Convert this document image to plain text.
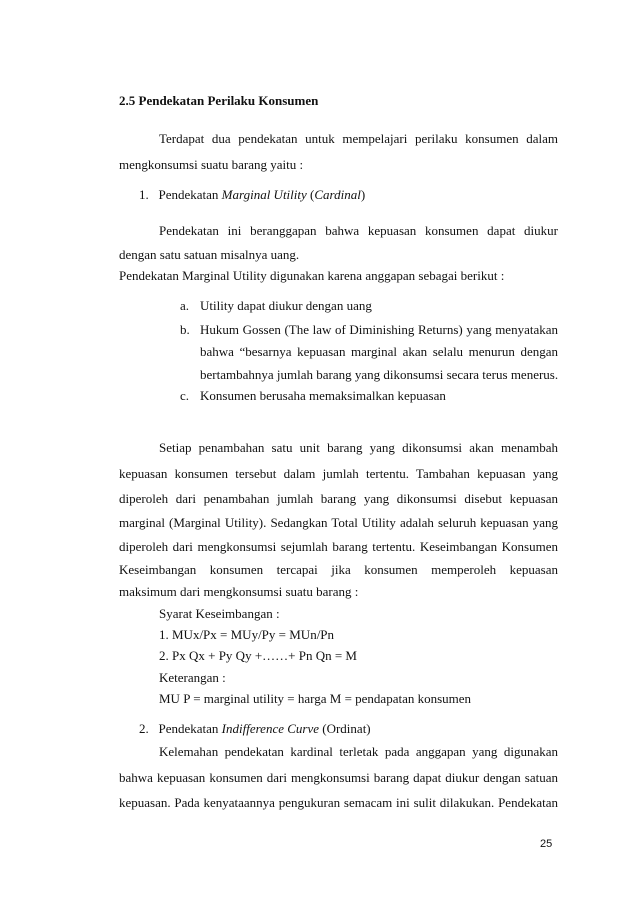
2.5 Pendekatan Perilaku Konsumen
Terdapat dua pendekatan untuk mempelajari perilaku konsumen dalam
mengkonsumsi suatu barang yaitu :
1. Pendekatan Marginal Utility (Cardinal)
Pendekatan ini beranggapan bahwa kepuasan konsumen dapat diukur
dengan satu satuan misalnya uang.
Pendekatan Marginal Utility digunakan karena anggapan sebagai berikut :
a. Utility dapat diukur dengan uang
b. Hukum Gossen (The law of Diminishing Returns) yang menyatakan
bahwa “besarnya kepuasan marginal akan selalu menurun dengan
bertambahnya jumlah barang yang dikonsumsi secara terus menerus.
c. Konsumen berusaha memaksimalkan kepuasan
Setiap penambahan satu unit barang yang dikonsumsi akan menambah
kepuasan konsumen tersebut dalam jumlah tertentu. Tambahan kepuasan yang
diperoleh dari penambahan jumlah barang yang dikonsumsi disebut kepuasan
marginal (Marginal Utility). Sedangkan Total Utility adalah seluruh kepuasan yang
diperoleh dari mengkonsumsi sejumlah barang tertentu. Keseimbangan Konsumen
Keseimbangan konsumen tercapai jika konsumen memperoleh kepuasan
maksimum dari mengkonsumsi suatu barang :
Syarat Keseimbangan :
1. MUx/Px = MUy/Py = MUn/Pn
2. Px Qx + Py Qy +……+ Pn Qn = M
Keterangan :
MU P = marginal utility = harga M = pendapatan konsumen
2. Pendekatan Indifference Curve (Ordinat)
Kelemahan pendekatan kardinal terletak pada anggapan yang digunakan
bahwa kepuasan konsumen dari mengkonsumsi barang dapat diukur dengan satuan
kepuasan. Pada kenyataannya pengukuran semacam ini sulit dilakukan. Pendekatan
25
